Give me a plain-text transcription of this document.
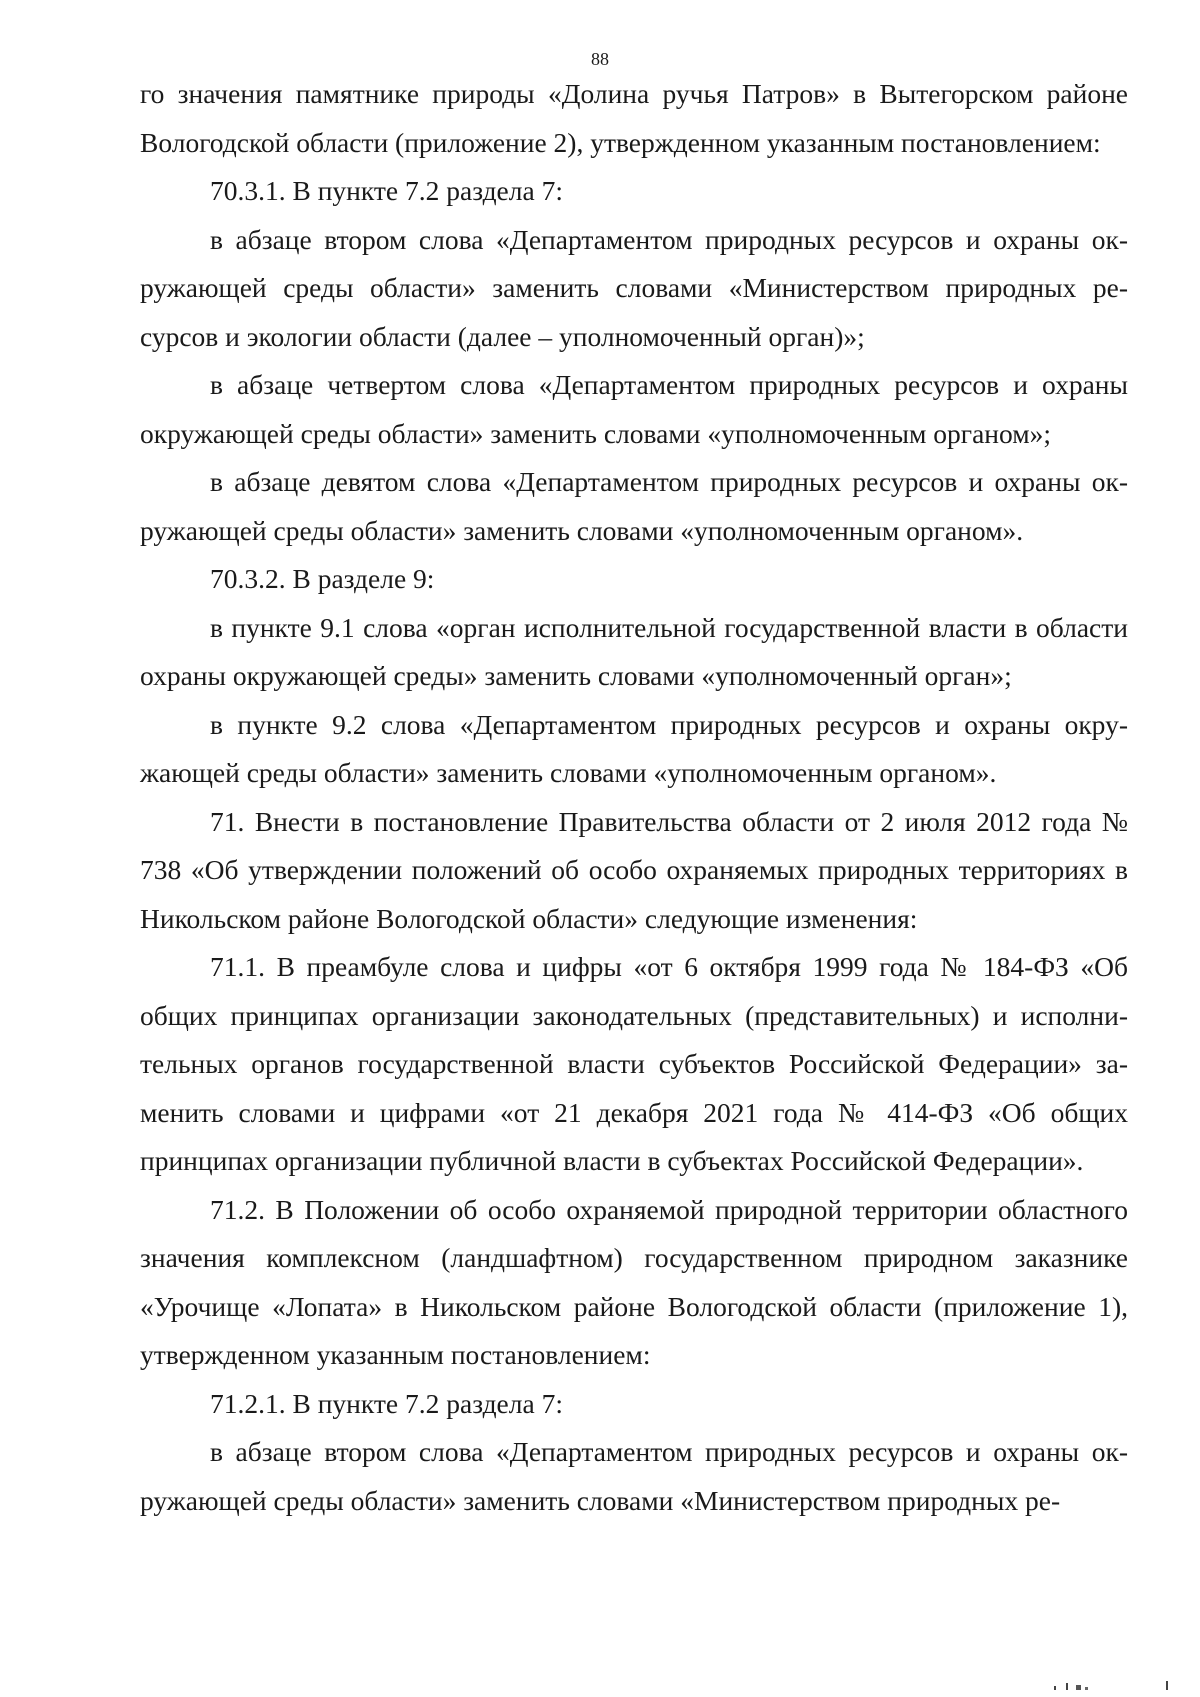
88

го значения памятнике природы «Долина ручья Патров» в Вытегорском районе Вологодской области (приложение 2), утвержденном указанным постановлением:

70.3.1. В пункте 7.2 раздела 7:

в абзаце втором слова «Департаментом природных ресурсов и охраны окружающей среды области» заменить словами «Министерством природных ресурсов и экологии области (далее – уполномоченный орган)»;

в абзаце четвертом слова «Департаментом природных ресурсов и охраны окружающей среды области» заменить словами «уполномоченным органом»;

в абзаце девятом слова «Департаментом природных ресурсов и охраны окружающей среды области» заменить словами «уполномоченным органом».

70.3.2. В разделе 9:

в пункте 9.1 слова «орган исполнительной государственной власти в области охраны окружающей среды» заменить словами «уполномоченный орган»;

в пункте 9.2 слова «Департаментом природных ресурсов и охраны окружающей среды области» заменить словами «уполномоченным органом».

71. Внести в постановление Правительства области от 2 июля 2012 года № 738 «Об утверждении положений об особо охраняемых природных территориях в Никольском районе Вологодской области» следующие изменения:

71.1. В преамбуле слова и цифры «от 6 октября 1999 года № 184-ФЗ «Об общих принципах организации законодательных (представительных) и исполнительных органов государственной власти субъектов Российской Федерации» заменить словами и цифрами «от 21 декабря 2021 года № 414-ФЗ «Об общих принципах организации публичной власти в субъектах Российской Федерации».

71.2. В Положении об особо охраняемой природной территории областного значения комплексном (ландшафтном) государственном природном заказнике «Урочище «Лопата» в Никольском районе Вологодской области (приложение 1), утвержденном указанным постановлением:

71.2.1. В пункте 7.2 раздела 7:

в абзаце втором слова «Департаментом природных ресурсов и охраны окружающей среды области» заменить словами «Министерством природных ре-
